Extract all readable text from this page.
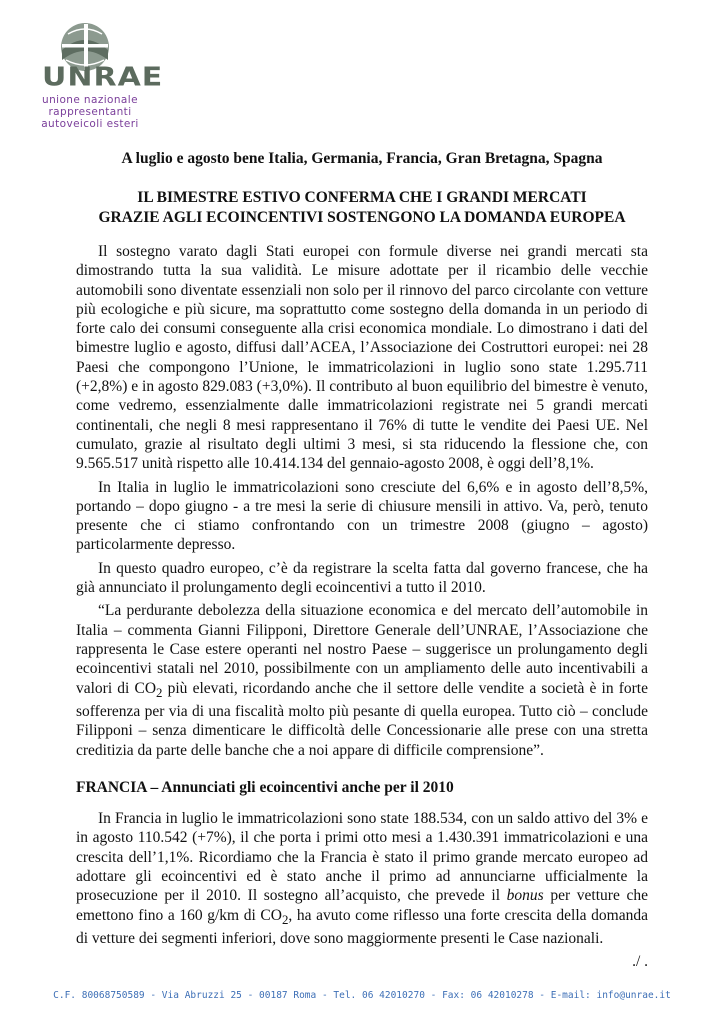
UNRAE
unione nazionale
rappresentanti
autoveicoli esteri
A luglio e agosto bene Italia, Germania, Francia, Gran Bretagna, Spagna
IL BIMESTRE ESTIVO CONFERMA CHE I GRANDI MERCATI
GRAZIE AGLI ECOINCENTIVI SOSTENGONO LA DOMANDA EUROPEA

Il sostegno varato dagli Stati europei con formule diverse nei grandi mercati sta dimostrando tutta la sua validità. Le misure adottate per il ricambio delle vecchie automobili sono diventate essenziali non solo per il rinnovo del parco circolante con vetture più ecologiche e più sicure, ma soprattutto come sostegno della domanda in un periodo di forte calo dei consumi conseguente alla crisi economica mondiale. Lo dimostrano i dati del bimestre luglio e agosto, diffusi dall’ACEA, l’Associazione dei Costruttori europei: nei 28 Paesi che compongono l’Unione, le immatricolazioni in luglio sono state 1.295.711 (+2,8%) e in agosto 829.083 (+3,0%). Il contributo al buon equilibrio del bimestre è venuto, come vedremo, essenzialmente dalle immatricolazioni registrate nei 5 grandi mercati continentali, che negli 8 mesi rappresentano il 76% di tutte le vendite dei Paesi UE. Nel cumulato, grazie al risultato degli ultimi 3 mesi, si sta riducendo la flessione che, con 9.565.517 unità rispetto alle 10.414.134 del gennaio-agosto 2008, è oggi dell’8,1%.

In Italia in luglio le immatricolazioni sono cresciute del 6,6% e in agosto dell’8,5%, portando – dopo giugno - a tre mesi la serie di chiusure mensili in attivo. Va, però, tenuto presente che ci stiamo confrontando con un trimestre 2008 (giugno – agosto) particolarmente depresso.

In questo quadro europeo, c’è da registrare la scelta fatta dal governo francese, che ha già annunciato il prolungamento degli ecoincentivi a tutto il 2010.

“La perdurante debolezza della situazione economica e del mercato dell’automobile in Italia – commenta Gianni Filipponi, Direttore Generale dell’UNRAE, l’Associazione che rappresenta le Case estere operanti nel nostro Paese – suggerisce un prolungamento degli ecoincentivi statali nel 2010, possibilmente con un ampliamento delle auto incentivabili a valori di $CO_2$ più elevati, ricordando anche che il settore delle vendite a società è in forte sofferenza per via di una fiscalità molto più pesante di quella europea. Tutto ciò – conclude Filipponi – senza dimenticare le difficoltà delle Concessionarie alle prese con una stretta creditizia da parte delle banche che a noi appare di difficile comprensione”.

FRANCIA – Annunciati gli ecoincentivi anche per il 2010

In Francia in luglio le immatricolazioni sono state 188.534, con un saldo attivo del 3% e in agosto 110.542 (+7%), il che porta i primi otto mesi a 1.430.391 immatricolazioni e una crescita dell’1,1%. Ricordiamo che la Francia è stato il primo grande mercato europeo ad adottare gli ecoincentivi ed è stato anche il primo ad annunciarne ufficialmente la prosecuzione per il 2010. Il sostegno all’acquisto, che prevede il bonus per vetture che emettono fino a 160 g/km di $CO_2$, ha avuto come riflesso una forte crescita della domanda di vetture dei segmenti inferiori, dove sono maggiormente presenti le Case nazionali.

./ .
C.F. 80068750589 - Via Abruzzi 25 - 00187 Roma - Tel. 06 42010270 - Fax: 06 42010278 - E-mail: info@unrae.it
